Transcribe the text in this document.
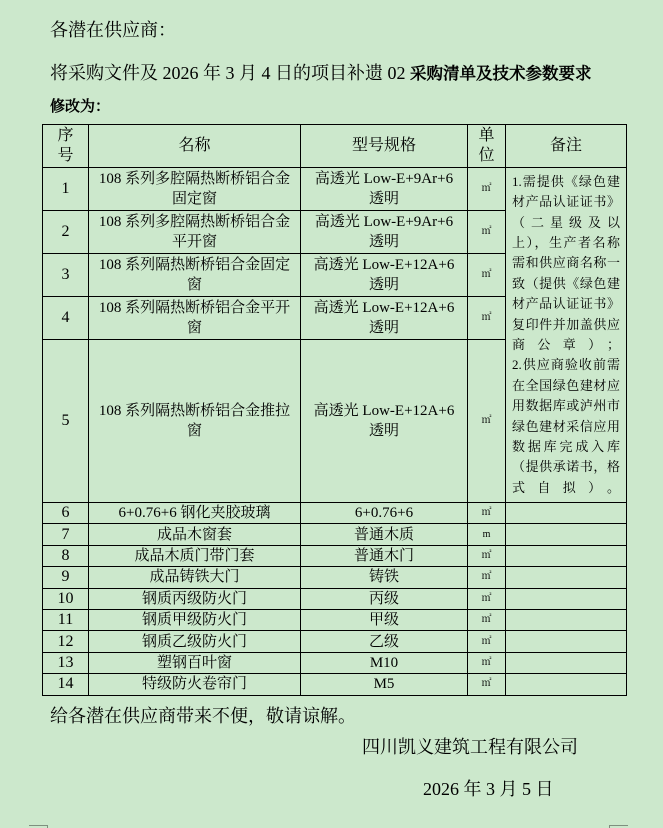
各潜在供应商：
将采购文件及 2026 年 3 月 4 日的项目补遗 02 采购清单及技术参数要求
修改为：
序号	名称	型号规格	单位	备注
1	108 系列多腔隔热断桥铝合金固定窗	高透光 Low-E+9Ar+6 透明	㎡	1.需提供《绿色建材产品认证证书》（二星级及以上），生产者名称需和供应商名称一致（提供《绿色建材产品认证证书》复印件并加盖供应商公章）；
2.供应商验收前需在全国绿色建材应用数据库或泸州市绿色建材采信应用数据库完成入库（提供承诺书，格式自拟）。

2	108 系列多腔隔热断桥铝合金平开窗	高透光 Low-E+9Ar+6 透明	㎡	
3	108 系列隔热断桥铝合金固定窗	高透光 Low-E+12A+6 透明	㎡	
4	108 系列隔热断桥铝合金平开窗	高透光 Low-E+12A+6 透明	㎡	
5	108 系列隔热断桥铝合金推拉窗	高透光 Low-E+12A+6 透明	㎡	
6	6+0.76+6 钢化夹胶玻璃	6+0.76+6	㎡	
7	成品木窗套	普通木质	m	
8	成品木质门带门套	普通木门	㎡	
9	成品铸铁大门	铸铁	㎡	
10	钢质丙级防火门	丙级	㎡	
11	钢质甲级防火门	甲级	㎡	
12	钢质乙级防火门	乙级	㎡	
13	塑钢百叶窗	M10	㎡	
14	特级防火卷帘门	M5	㎡	
给各潜在供应商带来不便，敬请谅解。
四川凯义建筑工程有限公司
2026 年 3 月 5 日
